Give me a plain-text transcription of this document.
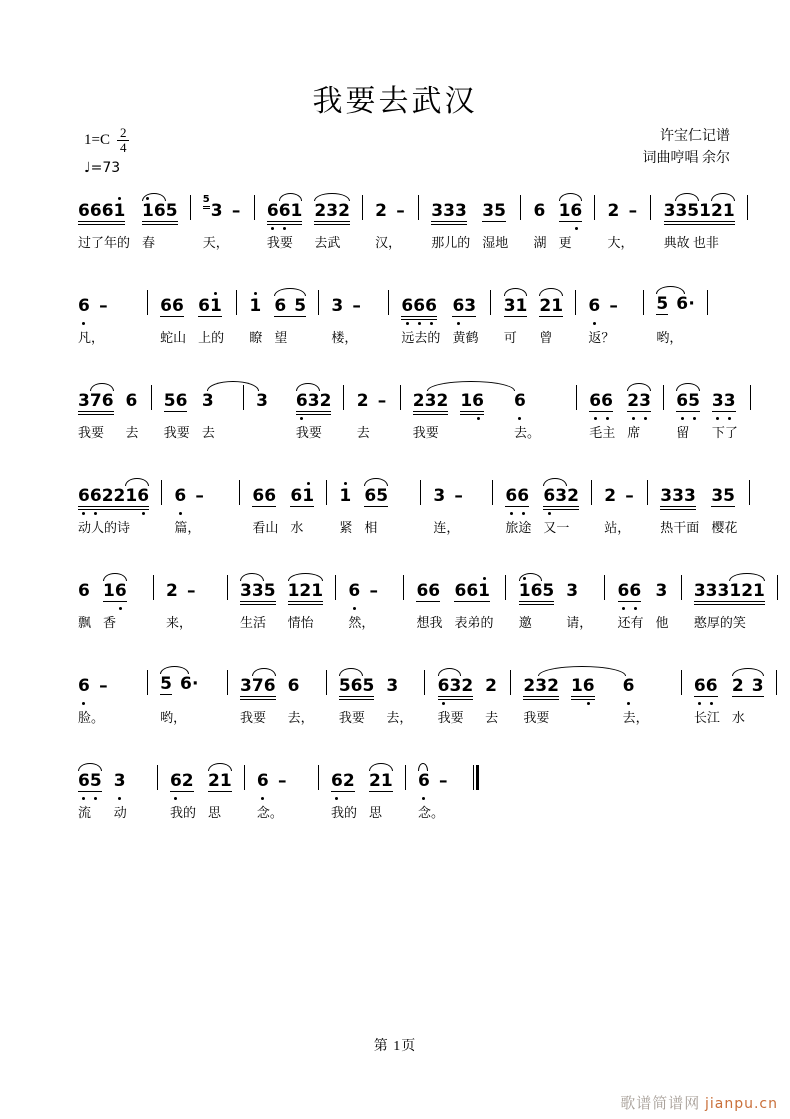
我要去武汉
$1=C \frac{2}{4}$
♩=73
许宝仁记谱
词曲哼唱 余尔
6 6 6 1
过了年的
1 6 5
春

5
3 –
天，

6 6 1
我要
2 3 2
去武

2 –
汉，

3 3 3
那儿的
3 5
湿地

6
湖
1 6
更

2 –
大，

3 3 5 1 2 1
典故 也非

6 –
凡，

6 6
蛇山
6 1
上的

1
瞭
6 5
望

3 –
楼，

6 6 6
远去的
6 3
黄鹤

3 1
可
2 1
曾

6 –
返？

5 6 ·
哟，

3 7 6
我要
6
去

5 6
我要
3
去

3
6 3 2
我要

2 –
去

2 3 2
我要
1 6
6
去。

6 6
毛主
2 3
席

6 5
留
3 3
下了

6 6 2 2 1 6
动人的诗

6 –
篇，

6 6
看山
6 1
水

1
紧
6 5
相

3 –
连，

6 6
旅途
6 3 2
又一

2 –
站，

3 3 3
热干面
3 5
樱花

6
飘
1 6
香

2 –
来，

3 3 5
生活
1 2 1
情怡

6 –
然，

6 6
想我
6 6 1
表弟的

1 6 5
邀
3
请，

6 6
还有
3
他

3 3 3 1 2 1
憨厚的笑

6 –
脸。

5 6 ·
哟，

3 7 6
我要
6
去，

5 6 5
我要
3
去，

6 3 2
我要
2
去

2 3 2
我要
1 6
6
去，

6 6
长江
2 3
水

6 5
流
3
动

6 2
我的
2 1
思

6 –
念。

6 2
我的
2 1
思

6 –
念。

第 1页
歌谱简谱网 jianpu.cn
